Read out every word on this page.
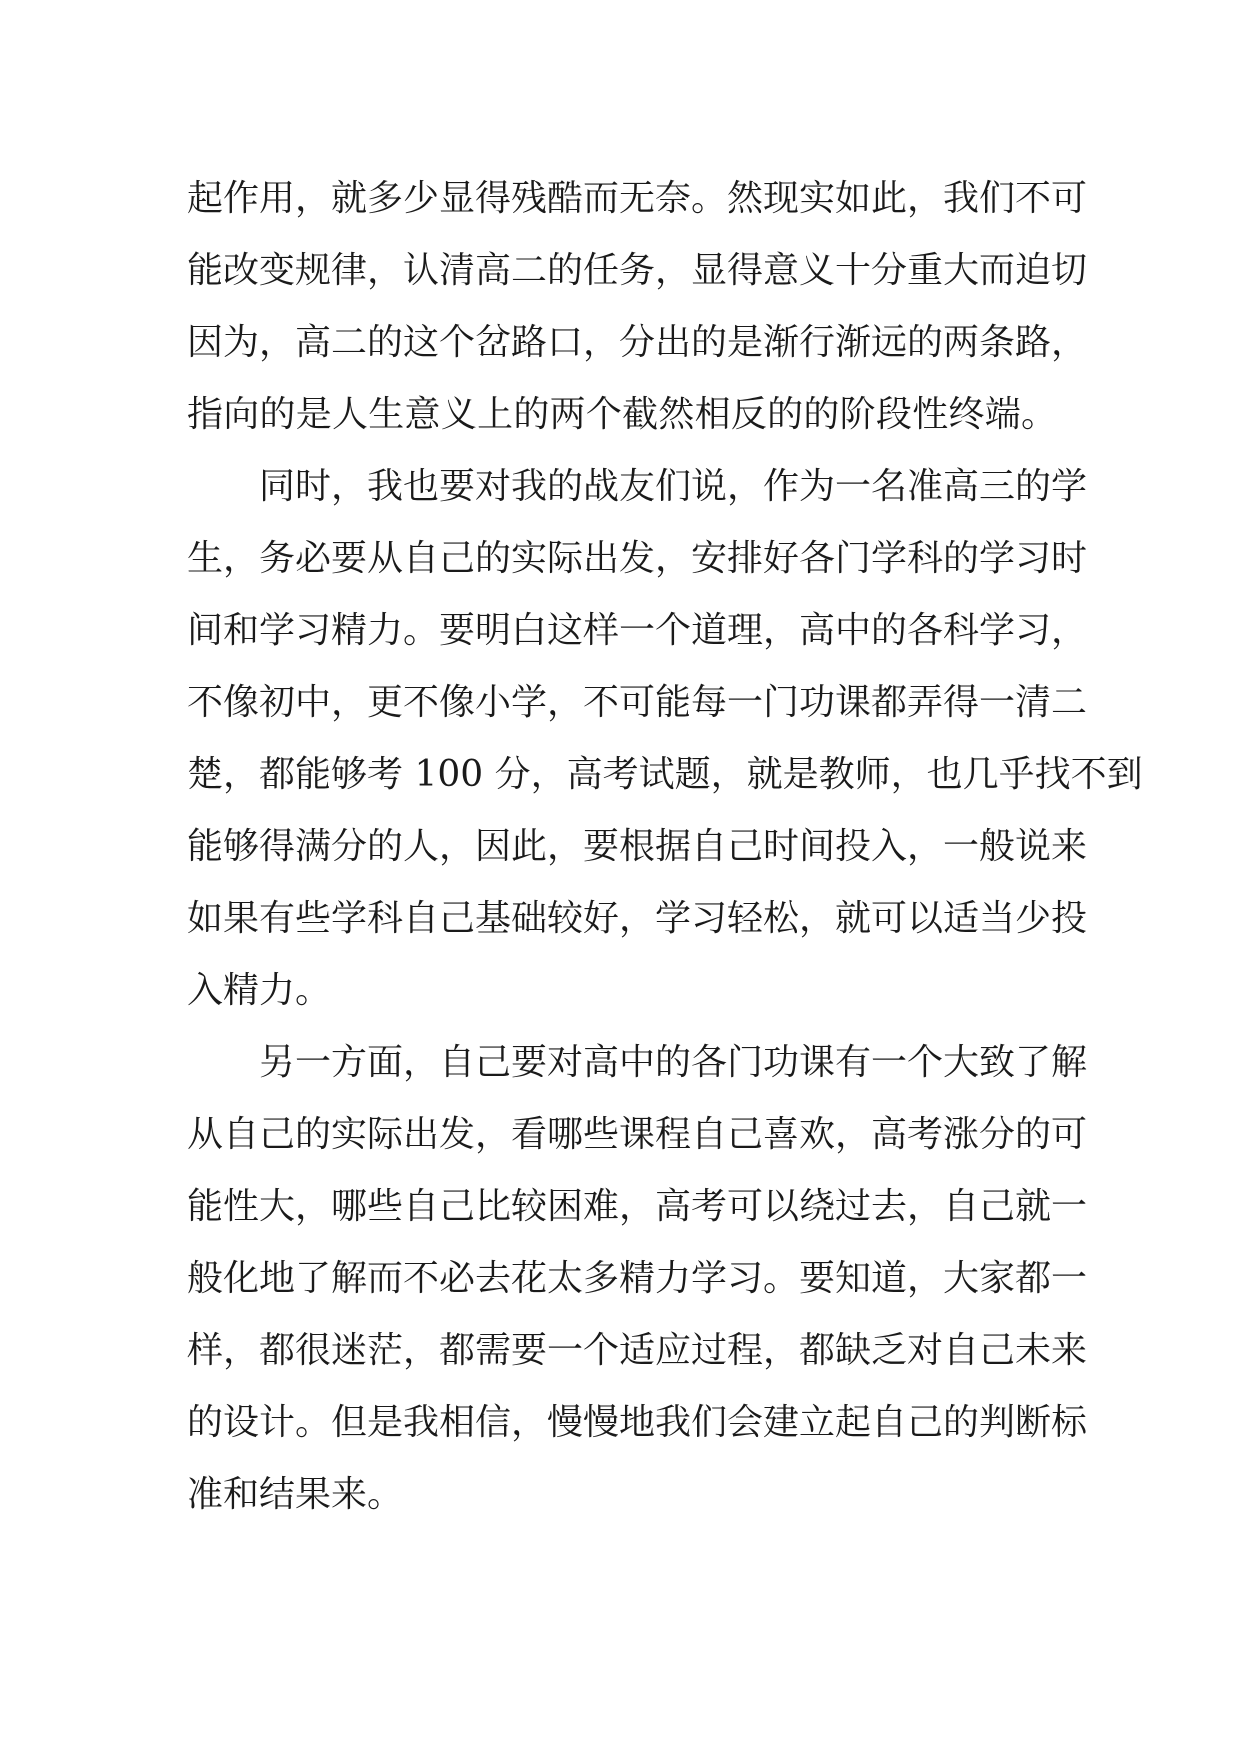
起作用，就多少显得残酷而无奈。然现实如此，我们不可
能改变规律，认清高二的任务，显得意义十分重大而迫切
因为，高二的这个岔路口，分出的是渐行渐远的两条路，
指向的是人生意义上的两个截然相反的的阶段性终端。
同时，我也要对我的战友们说，作为一名准高三的学
生，务必要从自己的实际出发，安排好各门学科的学习时
间和学习精力。要明白这样一个道理，高中的各科学习，
不像初中，更不像小学，不可能每一门功课都弄得一清二
楚，都能够考 100 分，高考试题，就是教师，也几乎找不到
能够得满分的人，因此，要根据自己时间投入，一般说来
如果有些学科自己基础较好，学习轻松，就可以适当少投
入精力。
另一方面，自己要对高中的各门功课有一个大致了解
从自己的实际出发，看哪些课程自己喜欢，高考涨分的可
能性大，哪些自己比较困难，高考可以绕过去，自己就一
般化地了解而不必去花太多精力学习。要知道，大家都一
样，都很迷茫，都需要一个适应过程，都缺乏对自己未来
的设计。但是我相信，慢慢地我们会建立起自己的判断标
准和结果来。
